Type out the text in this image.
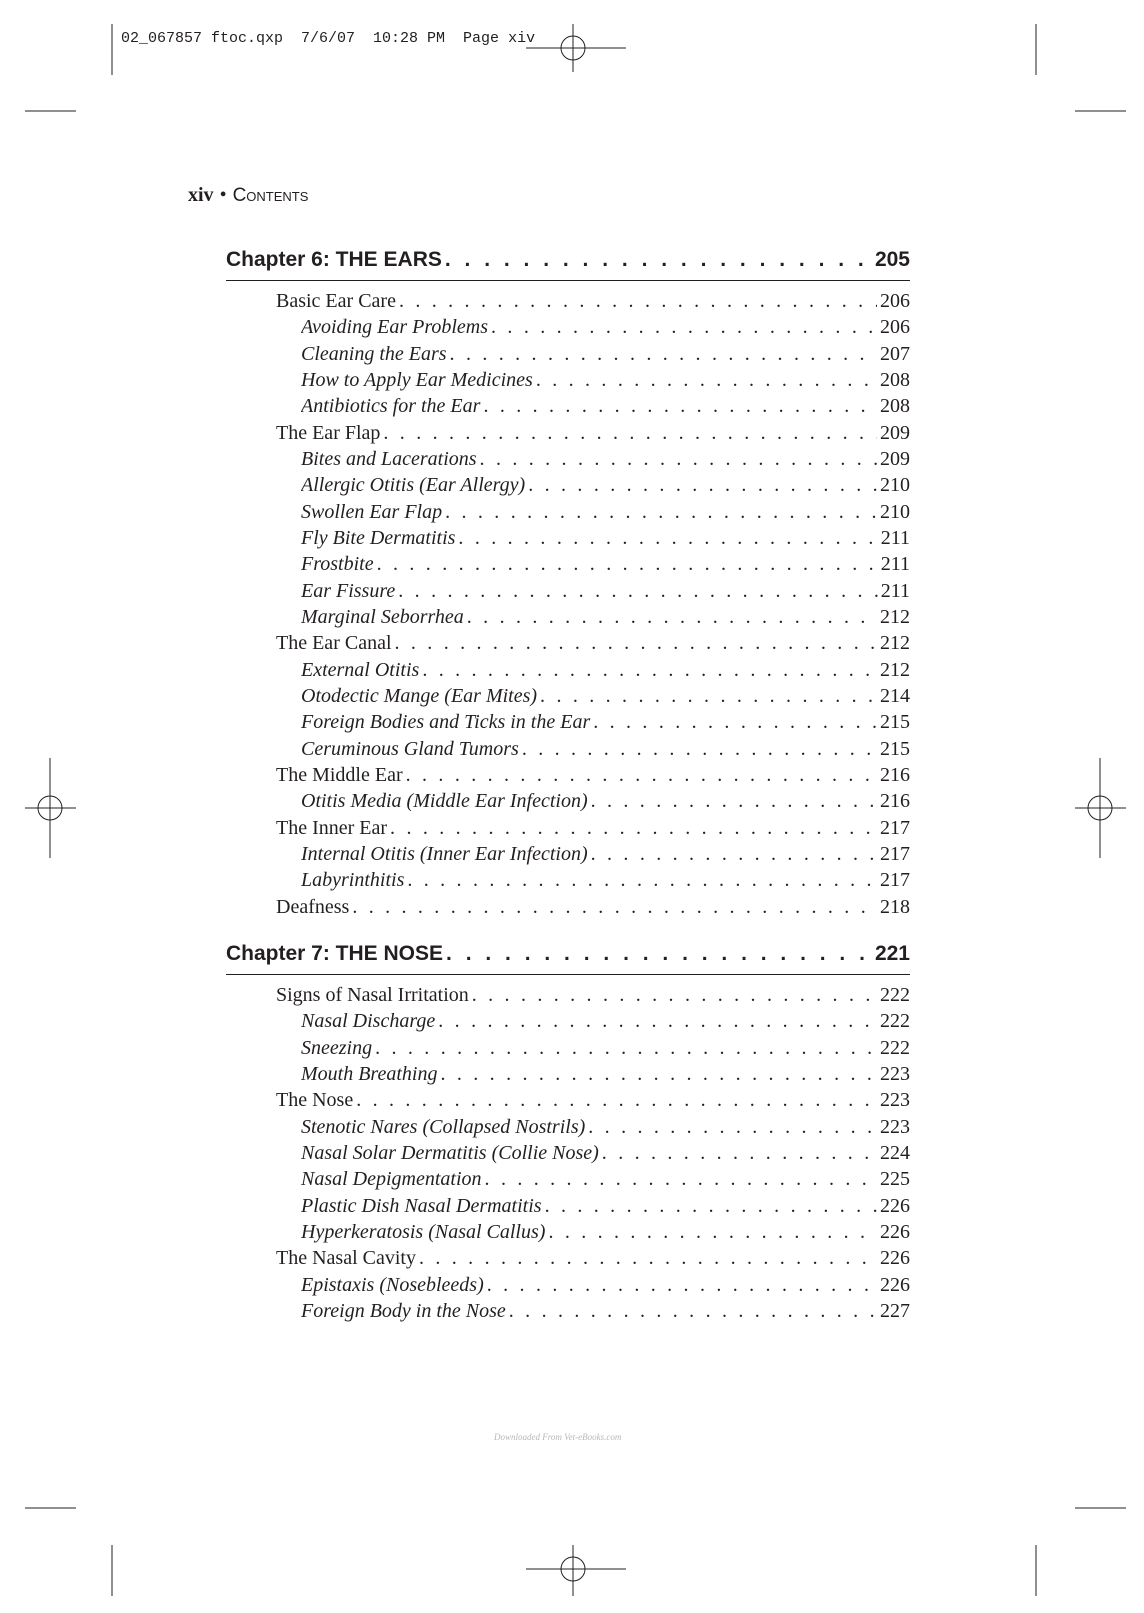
02_067857 ftoc.qxp  7/6/07  10:28 PM  Page xiv
xiv • Contents
Chapter 6: THE EARS . . .	205
Basic Ear Care . . .	206
Avoiding Ear Problems . . .	206
Cleaning the Ears . . .	207
How to Apply Ear Medicines . . .	208
Antibiotics for the Ear . . .	208
The Ear Flap . . .	209
Bites and Lacerations . . .	209
Allergic Otitis (Ear Allergy) . . .	210
Swollen Ear Flap . . .	210
Fly Bite Dermatitis . . .	211
Frostbite . . .	211
Ear Fissure . . .	211
Marginal Seborrhea . . .	212
The Ear Canal . . .	212
External Otitis . . .	212
Otodectic Mange (Ear Mites) . . .	214
Foreign Bodies and Ticks in the Ear . . .	215
Ceruminous Gland Tumors . . .	215
The Middle Ear . . .	216
Otitis Media (Middle Ear Infection) . . .	216
The Inner Ear . . .	217
Internal Otitis (Inner Ear Infection) . . .	217
Labyrinthitis . . .	217
Deafness . . .	218
Chapter 7: THE NOSE . . .	221
Signs of Nasal Irritation . . .	222
Nasal Discharge . . .	222
Sneezing . . .	222
Mouth Breathing . . .	223
The Nose . . .	223
Stenotic Nares (Collapsed Nostrils) . . .	223
Nasal Solar Dermatitis (Collie Nose) . . .	224
Nasal Depigmentation . . .	225
Plastic Dish Nasal Dermatitis . . .	226
Hyperkeratosis (Nasal Callus) . . .	226
The Nasal Cavity . . .	226
Epistaxis (Nosebleeds) . . .	226
Foreign Body in the Nose . . .	227
Downloaded From Vet-eBooks.com
